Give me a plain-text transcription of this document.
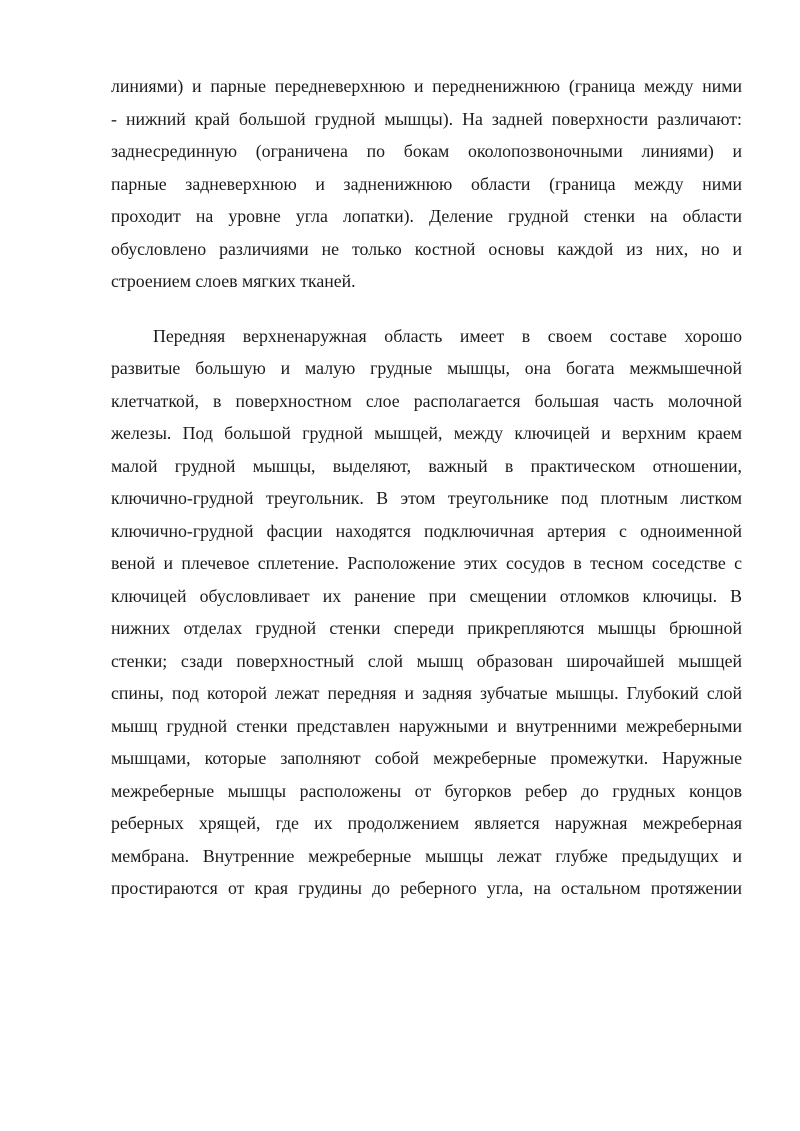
линиями) и парные передневерхнюю и передненижнюю (граница между ними
- нижний край большой грудной мышцы). На задней поверхности различают:
заднесрединную (ограничена по бокам околопозвоночными линиями) и
парные задневерхнюю и задненижнюю области (граница между ними
проходит на уровне угла лопатки). Деление грудной стенки на области
обусловлено различиями не только костной основы каждой из них, но и
строением слоев мягких тканей.
Передняя верхненаружная область имеет в своем составе хорошо
развитые большую и малую грудные мышцы, она богата межмышечной
клетчаткой, в поверхностном слое располагается большая часть молочной
железы. Под большой грудной мышцей, между ключицей и верхним краем
малой грудной мышцы, выделяют, важный в практическом отношении,
ключично-грудной треугольник. В этом треугольнике под плотным листком
ключично-грудной фасции находятся подключичная артерия с одноименной
веной и плечевое сплетение. Расположение этих сосудов в тесном соседстве с
ключицей обусловливает их ранение при смещении отломков ключицы. В
нижних отделах грудной стенки спереди прикрепляются мышцы брюшной
стенки; сзади поверхностный слой мышц образован широчайшей мышцей
спины, под которой лежат передняя и задняя зубчатые мышцы. Глубокий слой
мышц грудной стенки представлен наружными и внутренними межреберными
мышцами, которые заполняют собой межреберные промежутки. Наружные
межреберные мышцы расположены от бугорков ребер до грудных концов
реберных хрящей, где их продолжением является наружная межреберная
мембрана. Внутренние межреберные мышцы лежат глубже предыдущих и
простираются от края грудины до реберного угла, на остальном протяжении
